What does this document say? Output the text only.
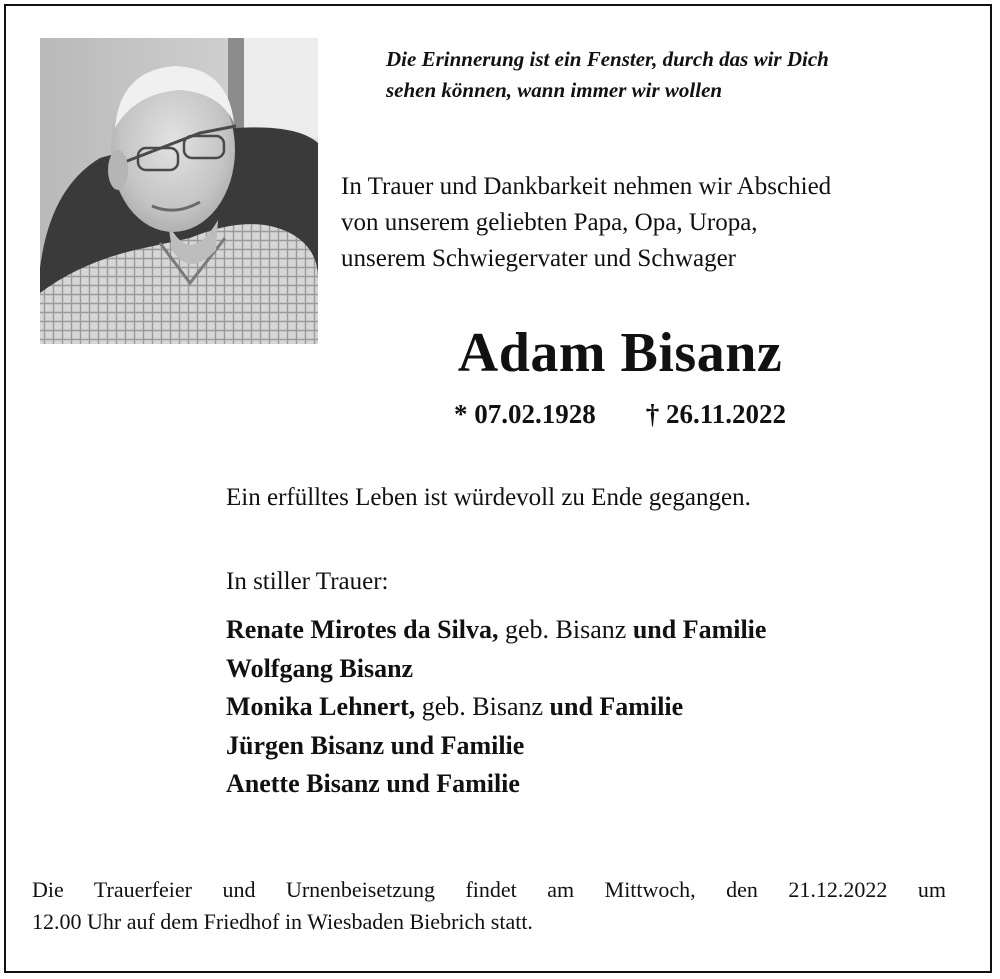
Die Erinnerung ist ein Fenster, durch das wir Dich
sehen können, wann immer wir wollen

In Trauer und Dankbarkeit nehmen wir Abschied
von unserem geliebten Papa, Opa, Uropa,
unserem Schwiegervater und Schwager

Adam Bisanz

* 07.02.1928 † 26.11.2022

Ein erfülltes Leben ist würdevoll zu Ende gegangen.

In stiller Trauer:

Renate Mirotes da Silva, geb. Bisanz und Familie
Wolfgang Bisanz
Monika Lehnert, geb. Bisanz und Familie
Jürgen Bisanz und Familie
Anette Bisanz und Familie

Die Trauerfeier und Urnenbeisetzung findet am Mittwoch, den 21.12.2022 um
12.00 Uhr auf dem Friedhof in Wiesbaden Biebrich statt.
